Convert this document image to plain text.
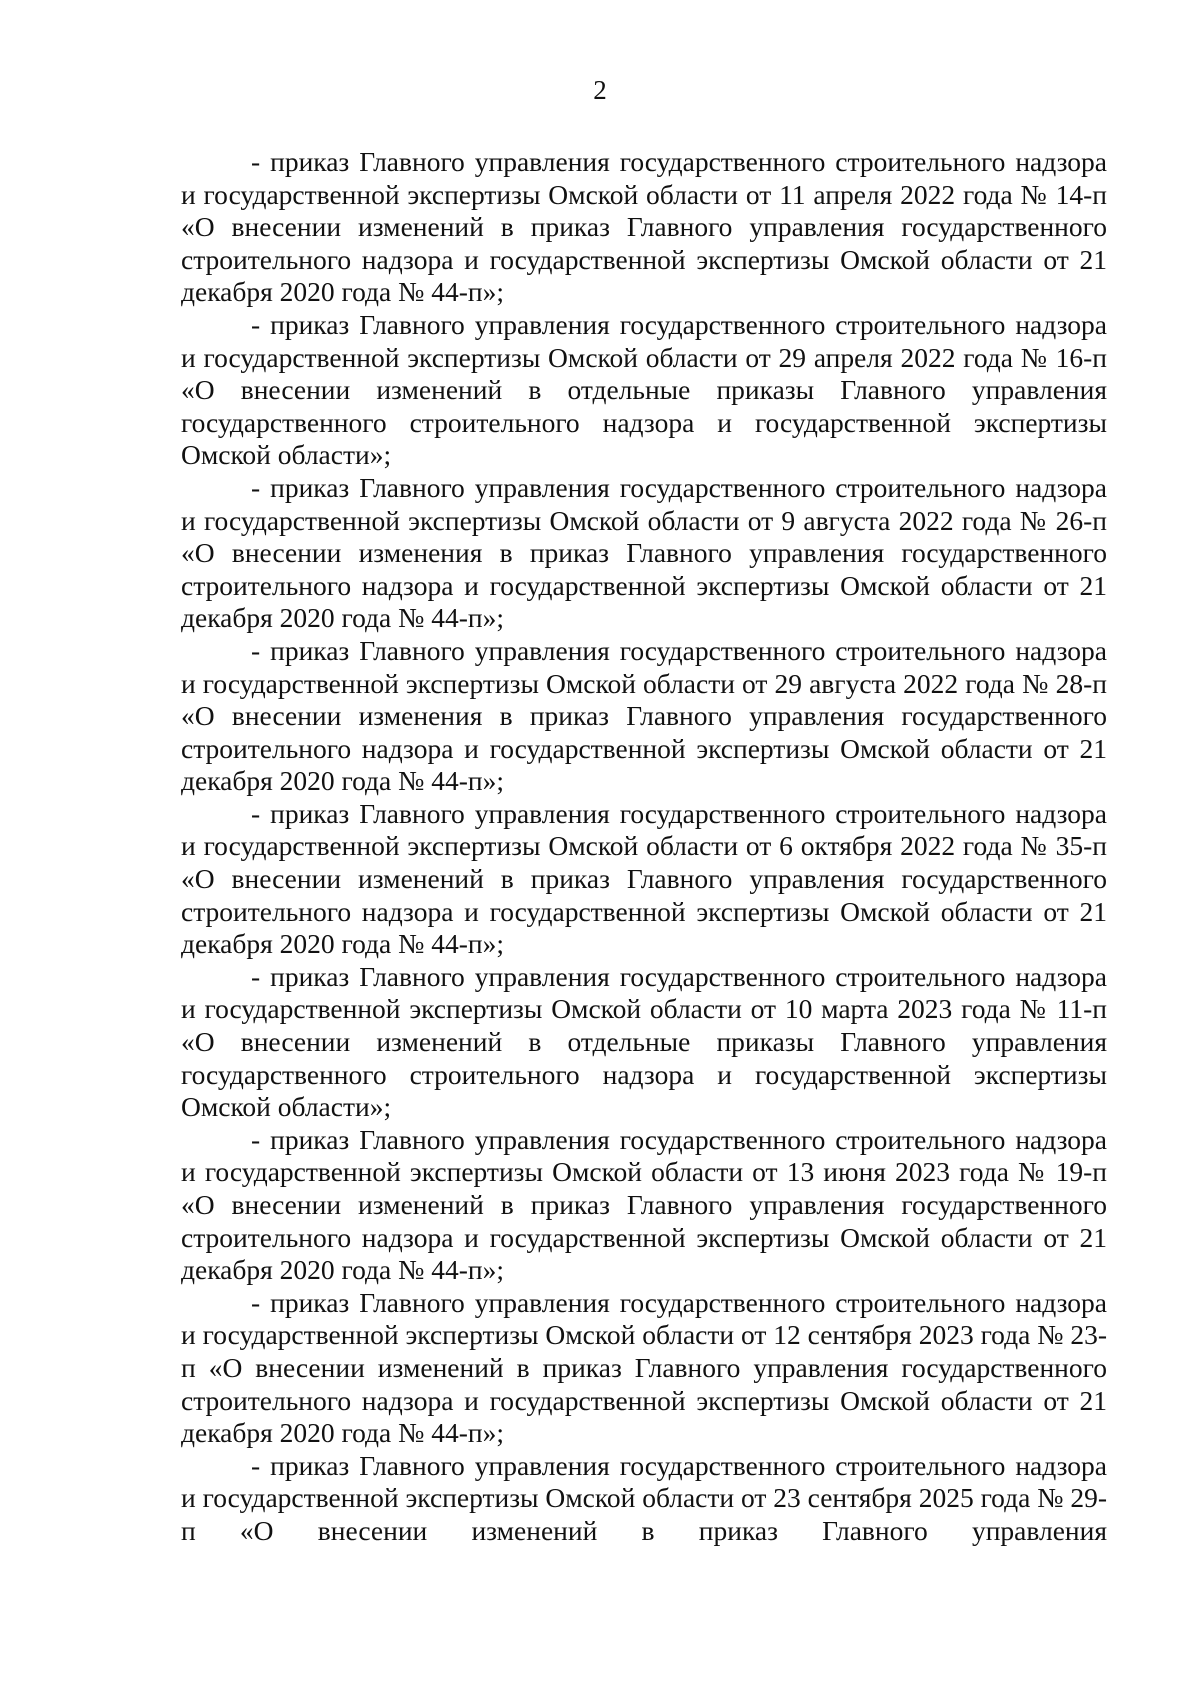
2

- приказ Главного управления государственного строительного надзора и государственной экспертизы Омской области от 11 апреля 2022 года № 14-п «О внесении изменений в приказ Главного управления государственного строительного надзора и государственной экспертизы Омской области от 21 декабря 2020 года № 44-п»;

- приказ Главного управления государственного строительного надзора и государственной экспертизы Омской области от 29 апреля 2022 года № 16-п «О внесении изменений в отдельные приказы Главного управления государственного строительного надзора и государственной экспертизы Омской области»;

- приказ Главного управления государственного строительного надзора и государственной экспертизы Омской области от 9 августа 2022 года № 26-п «О внесении изменения в приказ Главного управления государственного строительного надзора и государственной экспертизы Омской области от 21 декабря 2020 года № 44-п»;

- приказ Главного управления государственного строительного надзора и государственной экспертизы Омской области от 29 августа 2022 года № 28-п «О внесении изменения в приказ Главного управления государственного строительного надзора и государственной экспертизы Омской области от 21 декабря 2020 года № 44-п»;

- приказ Главного управления государственного строительного надзора и государственной экспертизы Омской области от 6 октября 2022 года № 35-п «О внесении изменений в приказ Главного управления государственного строительного надзора и государственной экспертизы Омской области от 21 декабря 2020 года № 44-п»;

- приказ Главного управления государственного строительного надзора и государственной экспертизы Омской области от 10 марта 2023 года № 11-п «О внесении изменений в отдельные приказы Главного управления государственного строительного надзора и государственной экспертизы Омской области»;

- приказ Главного управления государственного строительного надзора и государственной экспертизы Омской области от 13 июня 2023 года № 19-п «О внесении изменений в приказ Главного управления государственного строительного надзора и государственной экспертизы Омской области от 21 декабря 2020 года № 44-п»;

- приказ Главного управления государственного строительного надзора и государственной экспертизы Омской области от 12 сентября 2023 года № 23-п «О внесении изменений в приказ Главного управления государственного строительного надзора и государственной экспертизы Омской области от 21 декабря 2020 года № 44-п»;

- приказ Главного управления государственного строительного надзора и государственной экспертизы Омской области от 23 сентября 2025 года № 29-п «О внесении изменений в приказ Главного управления
